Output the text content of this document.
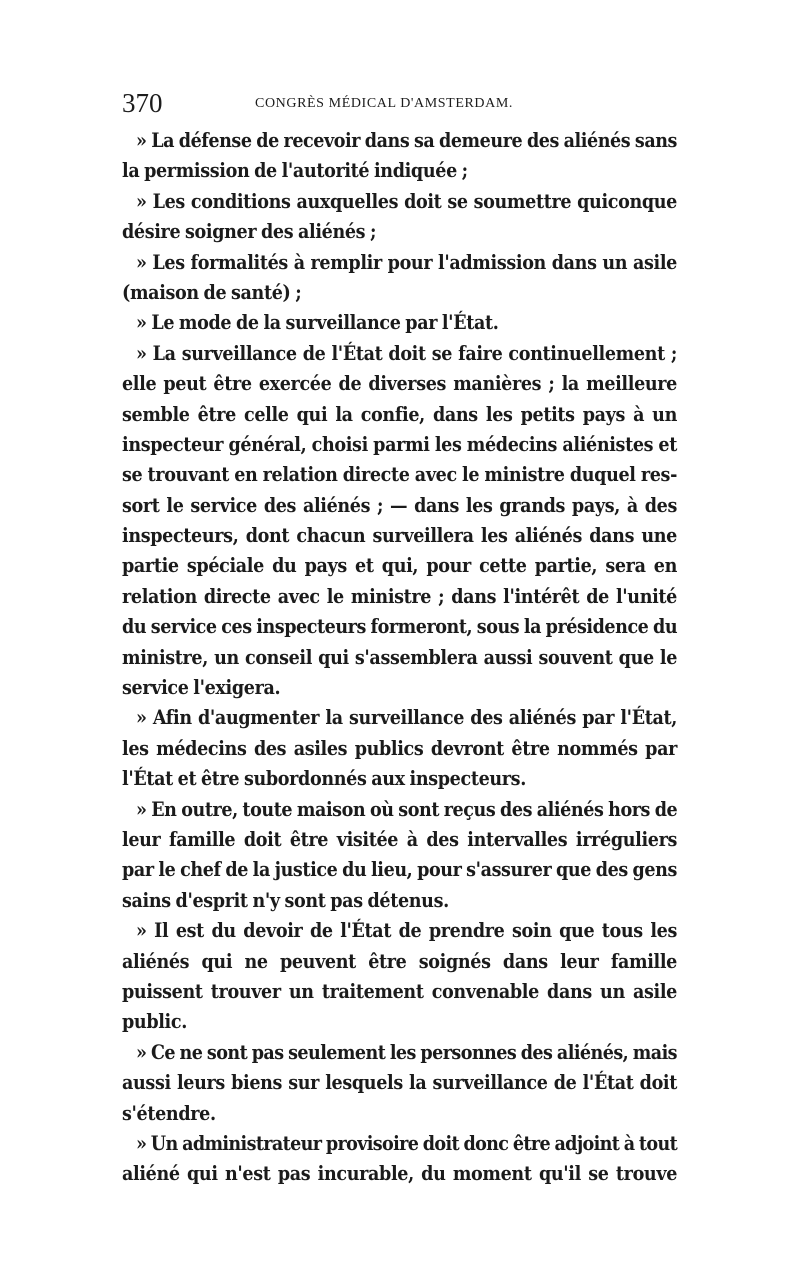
370	CONGRÈS MÉDICAL D'AMSTERDAM.
» La défense de recevoir dans sa demeure des aliénés sans
la permission de l'autorité indiquée ;
» Les conditions auxquelles doit se soumettre quiconque
désire soigner des aliénés ;
» Les formalités à remplir pour l'admission dans un asile
(maison de santé) ;
» Le mode de la surveillance par l'État.
» La surveillance de l'État doit se faire continuellement ;
elle peut être exercée de diverses manières ; la meilleure
semble être celle qui la confie, dans les petits pays à un
inspecteur général, choisi parmi les médecins aliénistes et
se trouvant en relation directe avec le ministre duquel res-
sort le service des aliénés ; — dans les grands pays, à des
inspecteurs, dont chacun surveillera les aliénés dans une
partie spéciale du pays et qui, pour cette partie, sera en
relation directe avec le ministre ; dans l'intérêt de l'unité
du service ces inspecteurs formeront, sous la présidence du
ministre, un conseil qui s'assemblera aussi souvent que le
service l'exigera.
» Afin d'augmenter la surveillance des aliénés par l'État,
les médecins des asiles publics devront être nommés par
l'État et être subordonnés aux inspecteurs.
» En outre, toute maison où sont reçus des aliénés hors de
leur famille doit être visitée à des intervalles irréguliers
par le chef de la justice du lieu, pour s'assurer que des gens
sains d'esprit n'y sont pas détenus.
» Il est du devoir de l'État de prendre soin que tous les
aliénés qui ne peuvent être soignés dans leur famille
puissent trouver un traitement convenable dans un asile
public.
» Ce ne sont pas seulement les personnes des aliénés, mais
aussi leurs biens sur lesquels la surveillance de l'État doit
s'étendre.
» Un administrateur provisoire doit donc être adjoint à tout
aliéné qui n'est pas incurable, du moment qu'il se trouve
